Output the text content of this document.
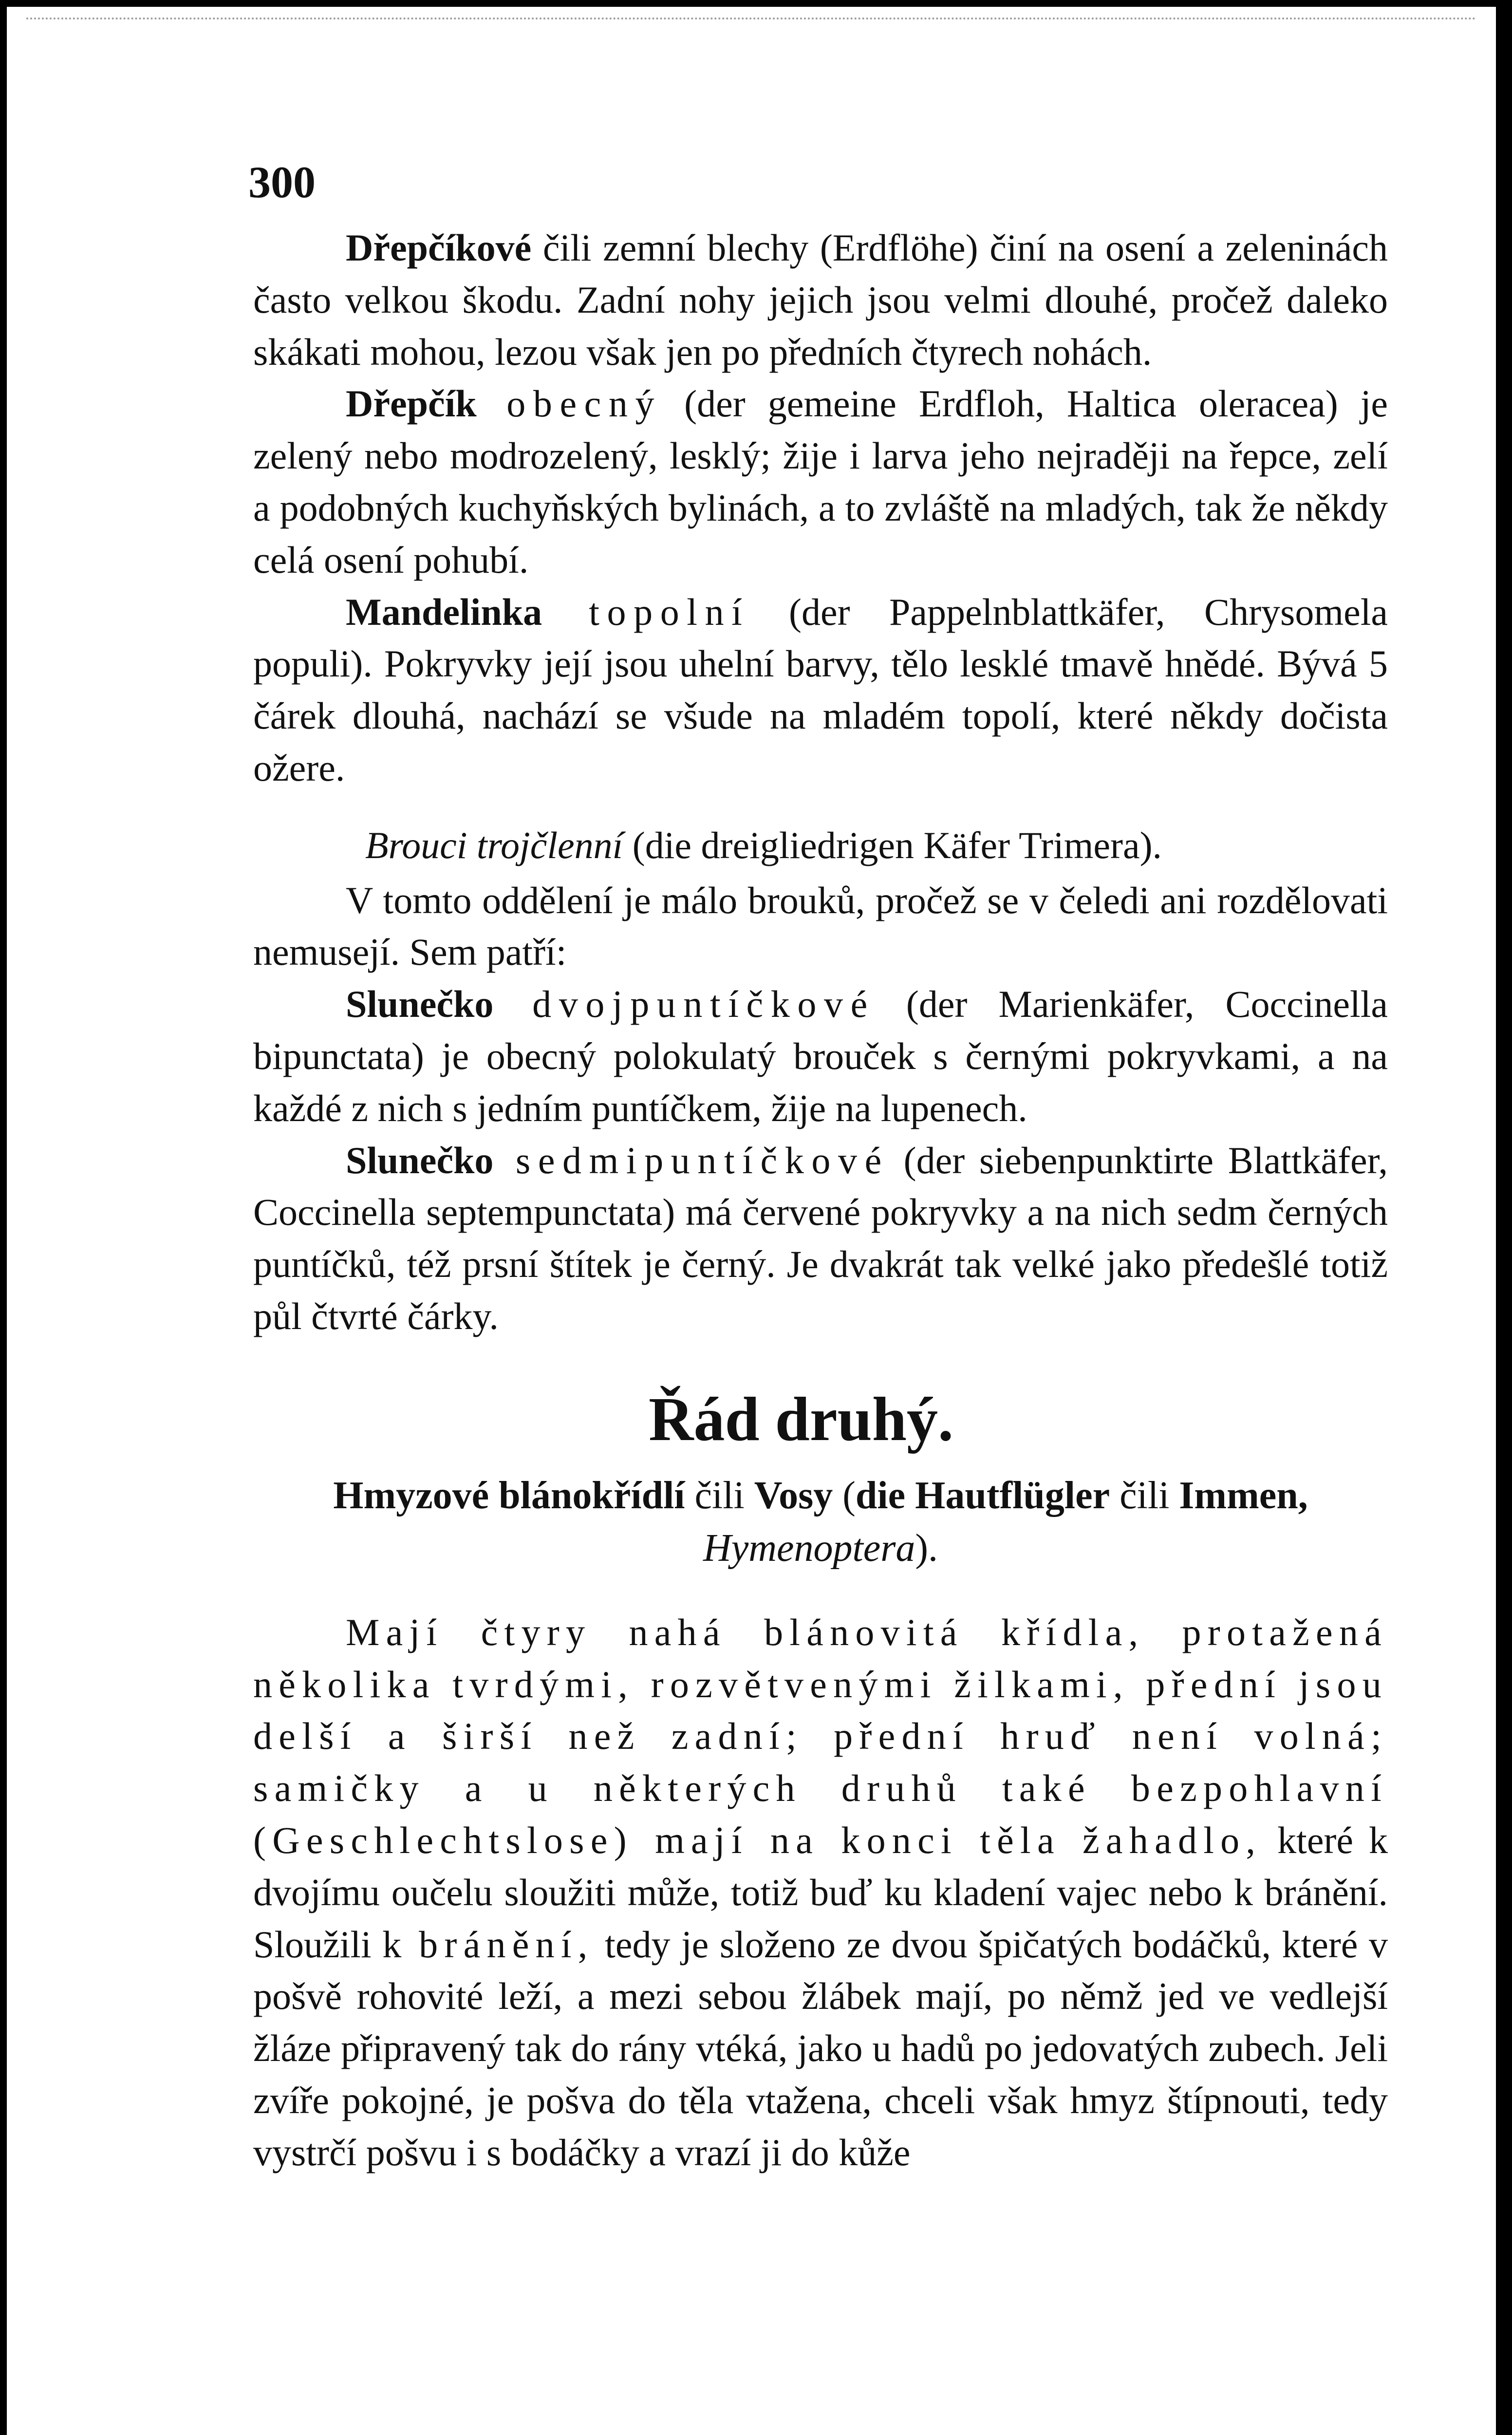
300

Dřepčíkové čili zemní blechy (Erdflöhe) činí na osení a zeleninách často velkou škodu. Zadní nohy jejich jsou velmi dlouhé, pročež daleko skákati mohou, lezou však jen po předních čtyrech nohách.

Dřepčík obecný (der gemeine Erdfloh, Haltica oleracea) je zelený nebo modrozelený, lesklý; žije i larva jeho nejraději na řepce, zelí a podobných kuchyňských bylinách, a to zvláště na mladých, tak že někdy celá osení pohubí.

Mandelinka topolní (der Pappelnblattkäfer, Chrysomela populi). Pokryvky její jsou uhelní barvy, tělo lesklé tmavě hnědé. Bývá 5 čárek dlouhá, nachází se všude na mladém topolí, které někdy dočista ožere.

Brouci trojčlenní (die dreigliedrigen Käfer Trimera).

V tomto oddělení je málo brouků, pročež se v čeledi ani rozdělovati nemusejí. Sem patří:

Slunečko dvojpuntíčkové (der Marienkäfer, Coccinella bipunctata) je obecný polokulatý brouček s černými pokryvkami, a na každé z nich s jedním puntíčkem, žije na lupenech.

Slunečko sedmipuntíčkové (der siebenpunktirte Blattkäfer, Coccinella septempunctata) má červené pokryvky a na nich sedm černých puntíčků, též prsní štítek je černý. Je dvakrát tak velké jako předešlé totiž půl čtvrté čárky.

Řád druhý.

Hmyzové blánokřídlí čili Vosy (die Hautflügler čili Immen, Hymenoptera).

Mají čtyry nahá blánovitá křídla, protažená několika tvrdými, rozvětvenými žilkami, přední jsou delší a širší než zadní; přední hruď není volná; samičky a u některých druhů také bezpohlavní (Geschlechtslose) mají na konci těla žahadlo, které k dvojímu oučelu sloužiti může, totiž buď ku kladení vajec nebo k bránění. Sloužili k bránění, tedy je složeno ze dvou špičatých bodáčků, které v pošvě rohovité leží, a mezi sebou žlábek mají, po němž jed ve vedlejší žláze připravený tak do rány vtéká, jako u hadů po jedovatých zubech. Jeli zvíře pokojné, je pošva do těla vtažena, chceli však hmyz štípnouti, tedy vystrčí pošvu i s bodáčky a vrazí ji do kůže
